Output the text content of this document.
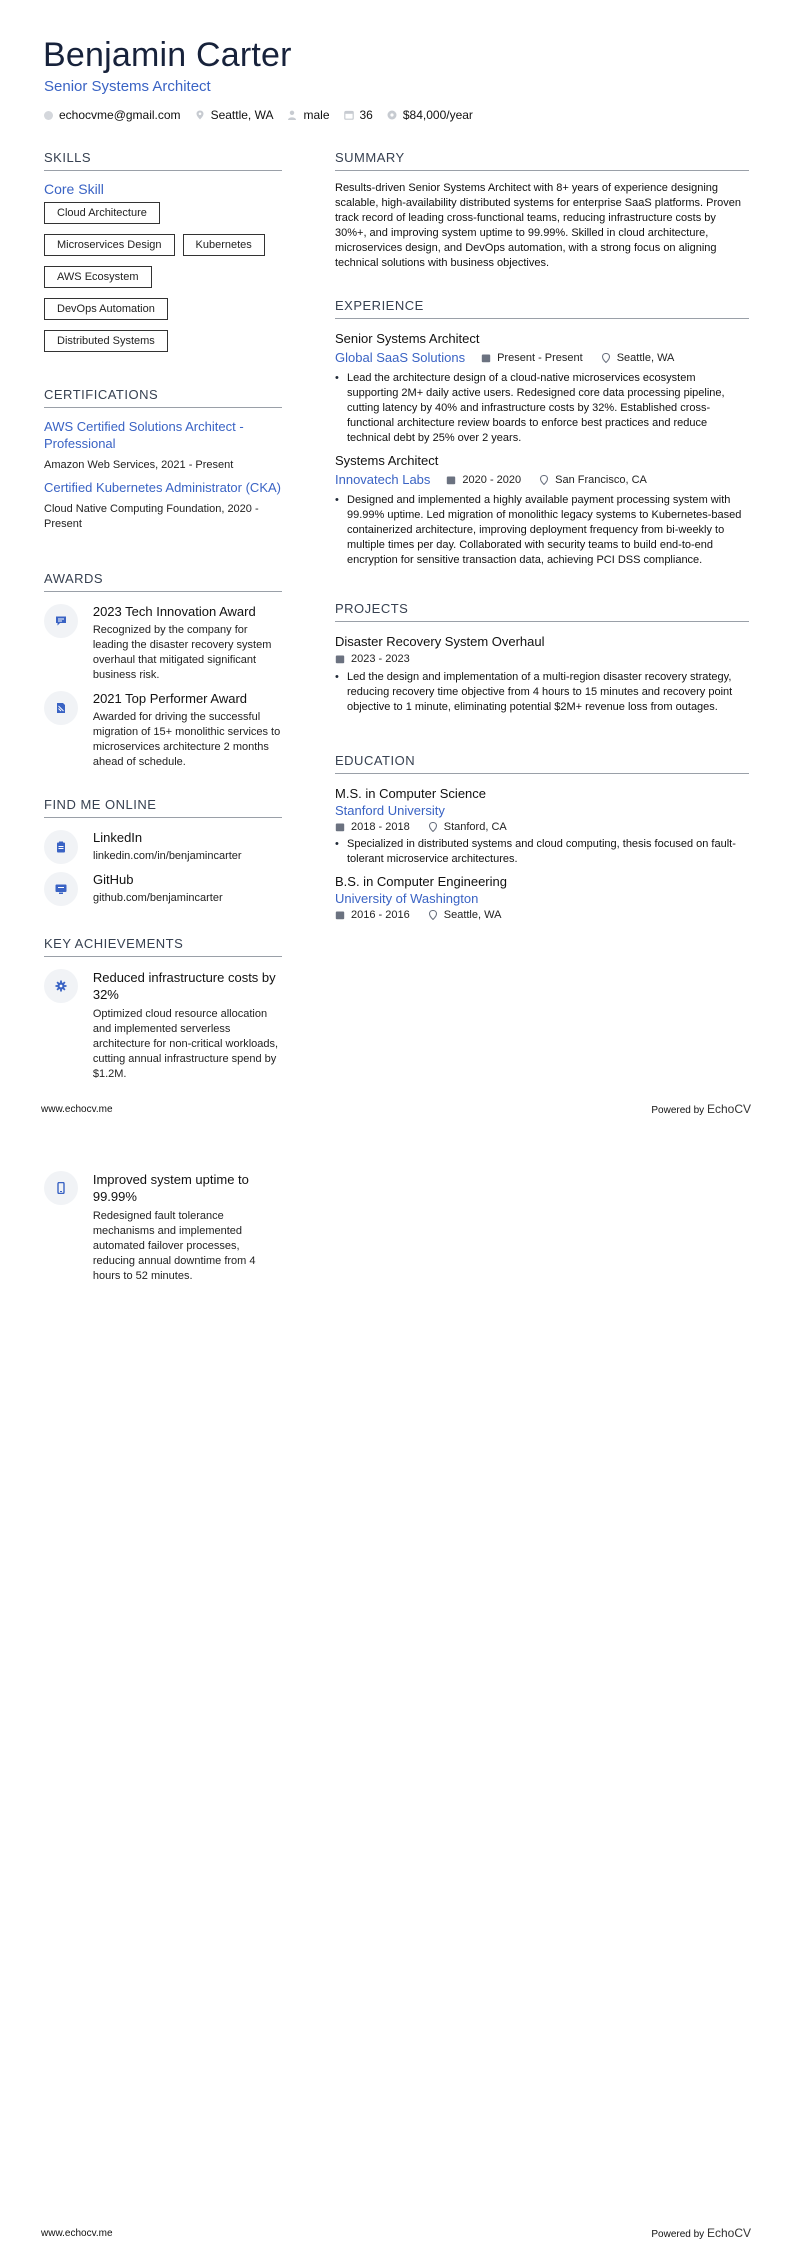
Benjamin Carter
Senior Systems Architect
echocvme@gmail.com	Seattle, WA	male	36	$84,000/year
SKILLS
Core Skill
Cloud Architecture
Microservices Design	Kubernetes
AWS Ecosystem
DevOps Automation
Distributed Systems
CERTIFICATIONS
AWS Certified Solutions Architect - Professional
Amazon Web Services, 2021 - Present
Certified Kubernetes Administrator (CKA)
Cloud Native Computing Foundation, 2020 - Present
AWARDS
2023 Tech Innovation Award
Recognized by the company for leading the disaster recovery system overhaul that mitigated significant business risk.
2021 Top Performer Award
Awarded for driving the successful migration of 15+ monolithic services to microservices architecture 2 months ahead of schedule.
FIND ME ONLINE
LinkedIn
linkedin.com/in/benjamincarter
GitHub
github.com/benjamincarter
KEY ACHIEVEMENTS
Reduced infrastructure costs by 32%
Optimized cloud resource allocation and implemented serverless architecture for non-critical workloads, cutting annual infrastructure spend by $1.2M.
Improved system uptime to 99.99%
Redesigned fault tolerance mechanisms and implemented automated failover processes, reducing annual downtime from 4 hours to 52 minutes.
SUMMARY
Results-driven Senior Systems Architect with 8+ years of experience designing scalable, high-availability distributed systems for enterprise SaaS platforms. Proven track record of leading cross-functional teams, reducing infrastructure costs by 30%+, and improving system uptime to 99.99%. Skilled in cloud architecture, microservices design, and DevOps automation, with a strong focus on aligning technical solutions with business objectives.
EXPERIENCE
Senior Systems Architect
Global SaaS Solutions	Present - Present	Seattle, WA
• Lead the architecture design of a cloud-native microservices ecosystem supporting 2M+ daily active users. Redesigned core data processing pipeline, cutting latency by 40% and infrastructure costs by 32%. Established cross-functional architecture review boards to enforce best practices and reduce technical debt by 25% over 2 years.
Systems Architect
Innovatech Labs	2020 - 2020	San Francisco, CA
• Designed and implemented a highly available payment processing system with 99.99% uptime. Led migration of monolithic legacy systems to Kubernetes-based containerized architecture, improving deployment frequency from bi-weekly to multiple times per day. Collaborated with security teams to build end-to-end encryption for sensitive transaction data, achieving PCI DSS compliance.
PROJECTS
Disaster Recovery System Overhaul
2023 - 2023
• Led the design and implementation of a multi-region disaster recovery strategy, reducing recovery time objective from 4 hours to 15 minutes and recovery point objective to 1 minute, eliminating potential $2M+ revenue loss from outages.
EDUCATION
M.S. in Computer Science
Stanford University
2018 - 2018	Stanford, CA
• Specialized in distributed systems and cloud computing, thesis focused on fault-tolerant microservice architectures.
B.S. in Computer Engineering
University of Washington
2016 - 2016	Seattle, WA
www.echocv.me	Powered by EchoCV
www.echocv.me	Powered by EchoCV
